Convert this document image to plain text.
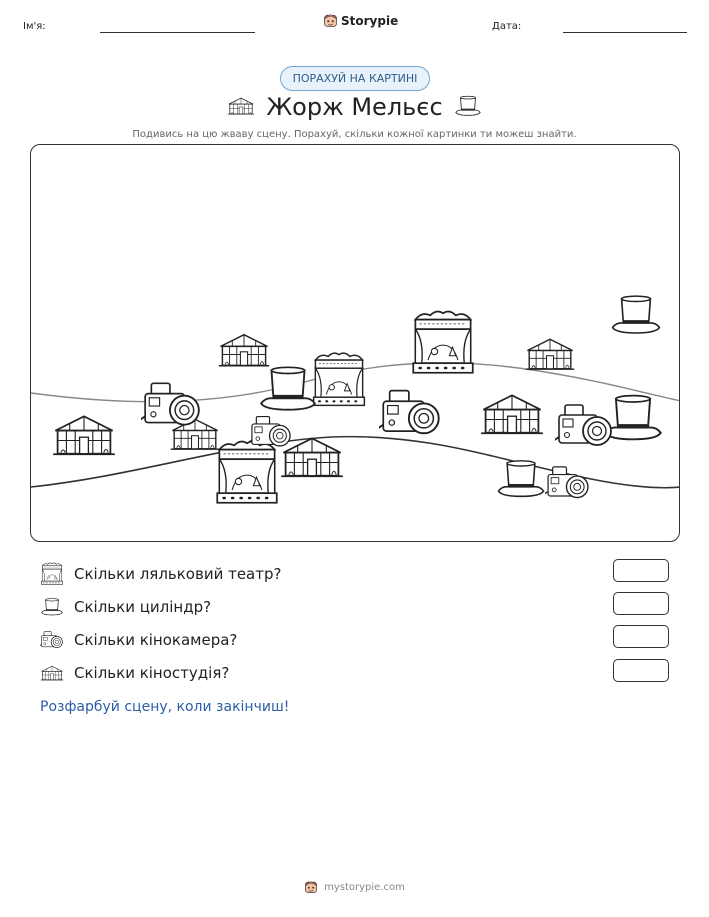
Ім'я:	Storypie	Дата:
ПОРАХУЙ НА КАРТИНІ
Жорж Мельєс
Подивись на цю жваву сцену. Порахуй, скільки кожної картинки ти можеш знайти.
Скільки ляльковий театр?
Скільки циліндр?
Скільки кінокамера?
Скільки кіностудія?
Розфарбуй сцену, коли закінчиш!
mystorypie.com
